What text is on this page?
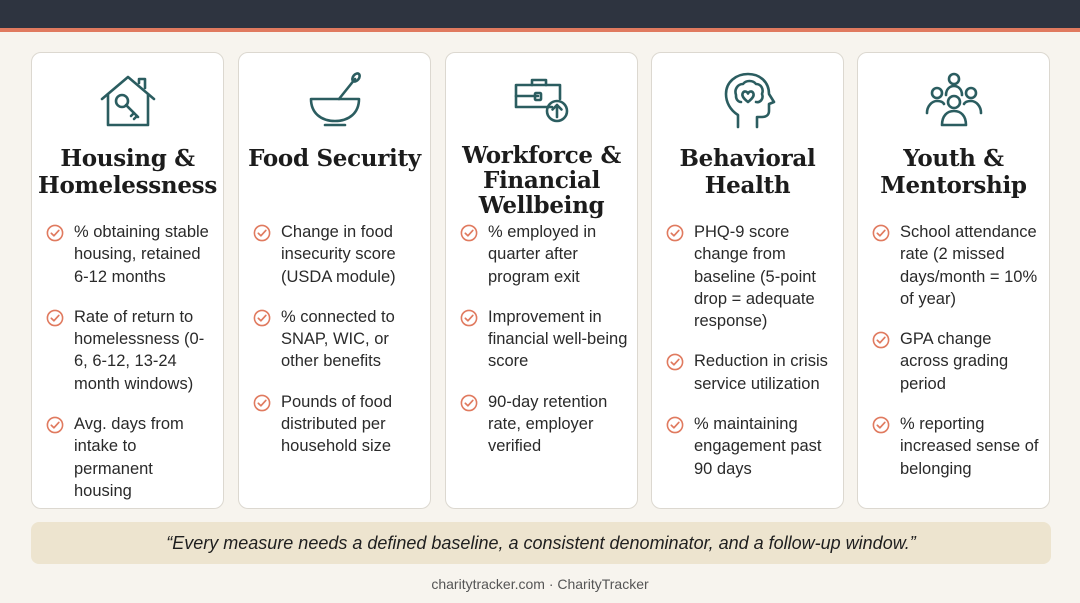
Housing & Homelessness
% obtaining stable housing, retained 6-12 months
Rate of return to homelessness (0-6, 6-12, 13-24 month windows)
Avg. days from intake to permanent housing
Food Security
Change in food insecurity score (USDA module)
% connected to SNAP, WIC, or other benefits
Pounds of food distributed per household size
Workforce & Financial Wellbeing
% employed in quarter after program exit
Improvement in financial well-being score
90-day retention rate, employer verified
Behavioral Health
PHQ-9 score change from baseline (5-point drop = adequate response)
Reduction in crisis service utilization
% maintaining engagement past 90 days
Youth & Mentorship
School attendance rate (2 missed days/month = 10% of year)
GPA change across grading period
% reporting increased sense of belonging
“Every measure needs a defined baseline, a consistent denominator, and a follow-up window.”
charitytracker.com · CharityTracker
